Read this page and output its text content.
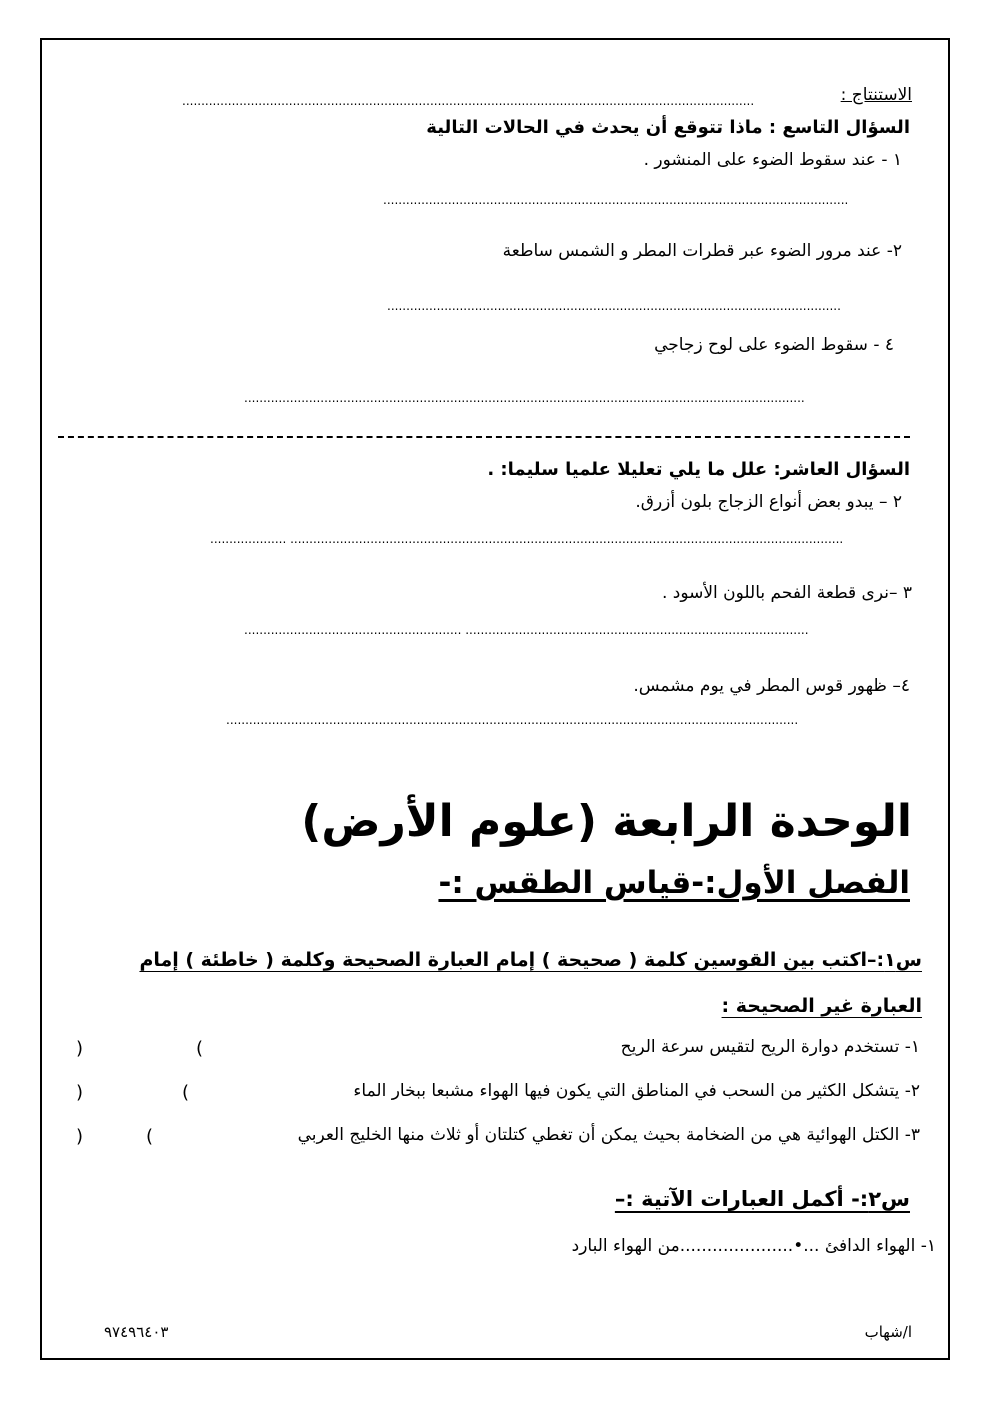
الاستنتاج :
......................................................................................................................................................
السؤال التاسع : ماذا تتوقع أن يحدث في الحالات التالية
١ - عند سقوط الضوء على المنشور .
..........................................................................................................................
٢- عند مرور الضوء عبر قطرات المطر و الشمس ساطعة
.......................................................................................................................
٤ - سقوط الضوء على لوح زجاجي
...................................................................................................................................................
السؤال العاشر: علل ما يلي تعليلا علميا سليما: .
٢ – يبدو بعض أنواع الزجاج بلون أزرق.
.................... .................................................................................................................................................
٣ –نرى قطعة الفحم باللون الأسود .
......................................................... ..........................................................................................
٤– ظهور قوس المطر في يوم مشمس.
......................................................................................................................................................
الوحدة الرابعة (علوم الأرض)
الفصل الأول:-قياس الطقس :-
س١:–اكتب بين القوسين كلمة ( صحيحة ) إمام العبارة الصحيحة وكلمة ( خاطئة ) إمام
العبارة غير الصحيحة :
١- تستخدم دوارة الريح لتقيس سرعة الريح
(
)
٢- يتشكل الكثير من السحب في المناطق التي يكون فيها الهواء مشبعا ببخار الماء
(
)
٣- الكتل الهوائية هي من الضخامة بحيث يمكن أن تغطي كتلتان أو ثلاث منها الخليج العربي
(
)
س٢:- أكمل العبارات الآتية :–
١- الهواء الدافئ ...•.....................من الهواء البارد
ا/شهاب
٩٧٤٩٦٤٠٣
